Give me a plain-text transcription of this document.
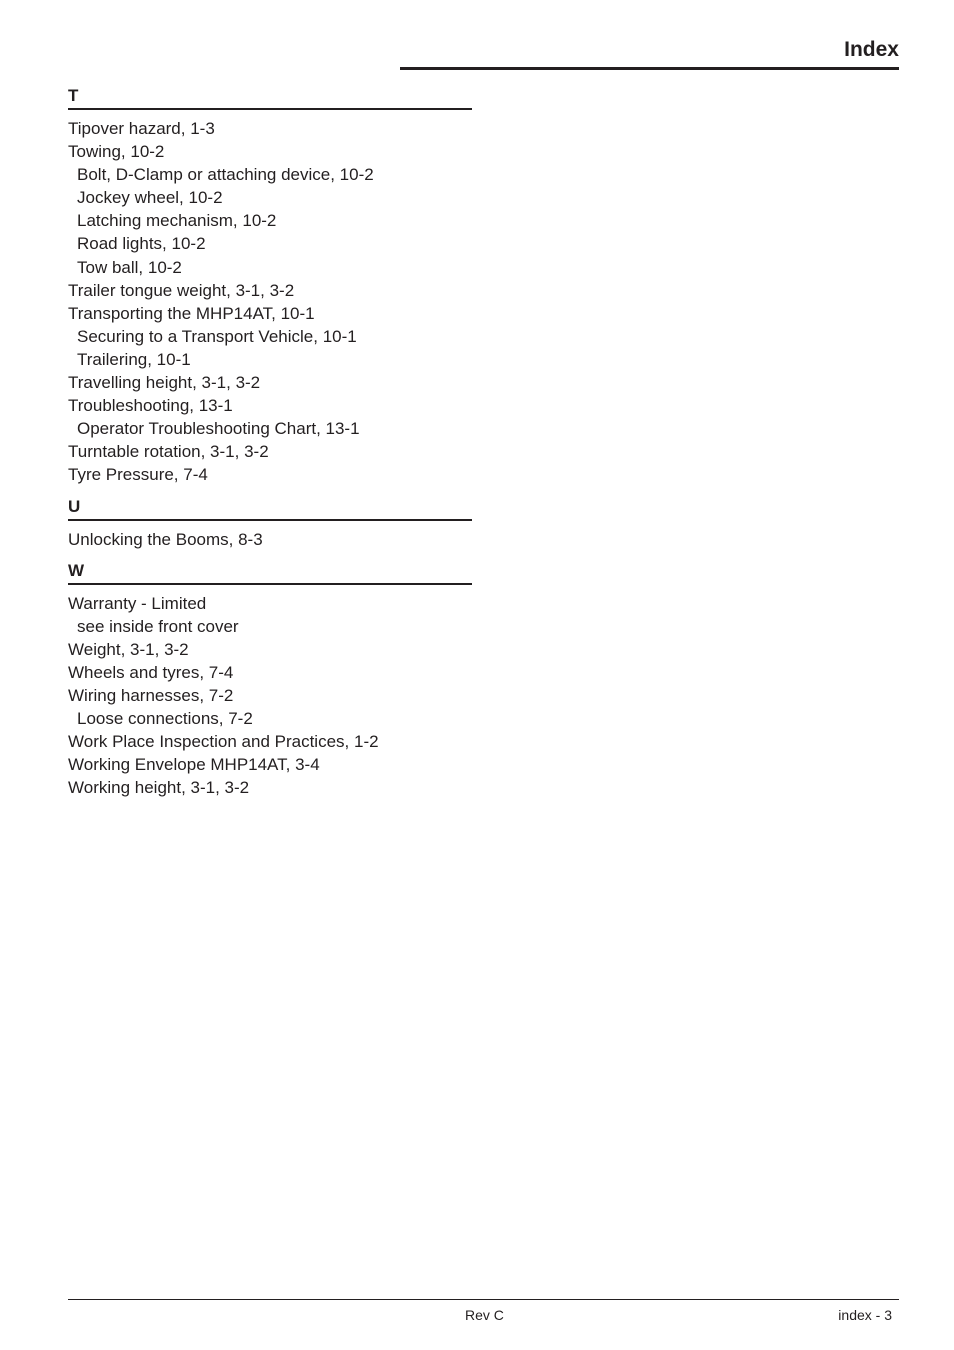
Index
T
Tipover hazard, 1-3
Towing, 10-2
Bolt, D-Clamp or attaching device, 10-2
Jockey wheel, 10-2
Latching mechanism, 10-2
Road lights, 10-2
Tow ball, 10-2
Trailer tongue weight, 3-1, 3-2
Transporting the MHP14AT, 10-1
Securing to a Transport Vehicle, 10-1
Trailering, 10-1
Travelling height, 3-1, 3-2
Troubleshooting, 13-1
Operator Troubleshooting Chart, 13-1
Turntable rotation, 3-1, 3-2
Tyre Pressure, 7-4
U
Unlocking the Booms, 8-3
W
Warranty - Limited
see inside front cover
Weight, 3-1, 3-2
Wheels and tyres, 7-4
Wiring harnesses, 7-2
Loose connections, 7-2
Work Place Inspection and Practices, 1-2
Working Envelope MHP14AT, 3-4
Working height, 3-1, 3-2
Rev C	index - 3
